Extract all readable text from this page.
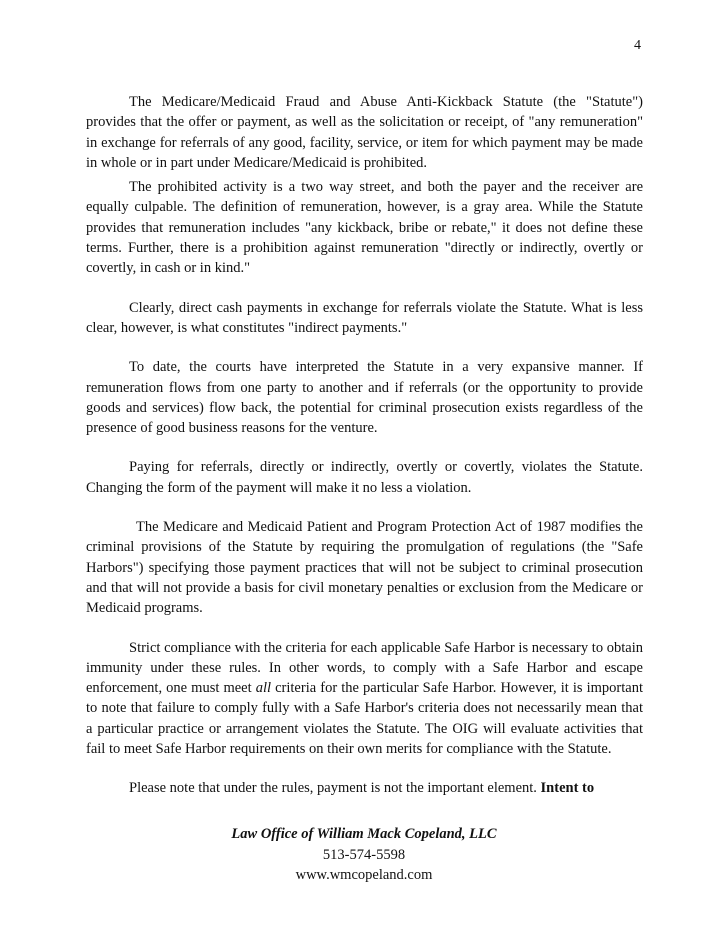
4

The Medicare/Medicaid Fraud and Abuse Anti-Kickback Statute (the "Statute") provides that the offer or payment, as well as the solicitation or receipt, of "any remuneration" in exchange for referrals of any good, facility, service, or item for which payment may be made in whole or in part under Medicare/Medicaid is prohibited.

The prohibited activity is a two way street, and both the payer and the receiver are equally culpable. The definition of remuneration, however, is a gray area. While the Statute provides that remuneration includes "any kickback, bribe or rebate," it does not define these terms. Further, there is a prohibition against remuneration "directly or indirectly, overtly or covertly, in cash or in kind."

Clearly, direct cash payments in exchange for referrals violate the Statute. What is less clear, however, is what constitutes "indirect payments."

To date, the courts have interpreted the Statute in a very expansive manner. If remuneration flows from one party to another and if referrals (or the opportunity to provide goods and services) flow back, the potential for criminal prosecution exists regardless of the presence of good business reasons for the venture.

Paying for referrals, directly or indirectly, overtly or covertly, violates the Statute. Changing the form of the payment will make it no less a violation.

The Medicare and Medicaid Patient and Program Protection Act of 1987 modifies the criminal provisions of the Statute by requiring the promulgation of regulations (the "Safe Harbors") specifying those payment practices that will not be subject to criminal prosecution and that will not provide a basis for civil monetary penalties or exclusion from the Medicare or Medicaid programs.

Strict compliance with the criteria for each applicable Safe Harbor is necessary to obtain immunity under these rules. In other words, to comply with a Safe Harbor and escape enforcement, one must meet all criteria for the particular Safe Harbor. However, it is important to note that failure to comply fully with a Safe Harbor's criteria does not necessarily mean that a particular practice or arrangement violates the Statute. The OIG will evaluate activities that fail to meet Safe Harbor requirements on their own merits for compliance with the Statute.

Please note that under the rules, payment is not the important element. Intent to

Law Office of William Mack Copeland, LLC
513-574-5598
www.wmcopeland.com
